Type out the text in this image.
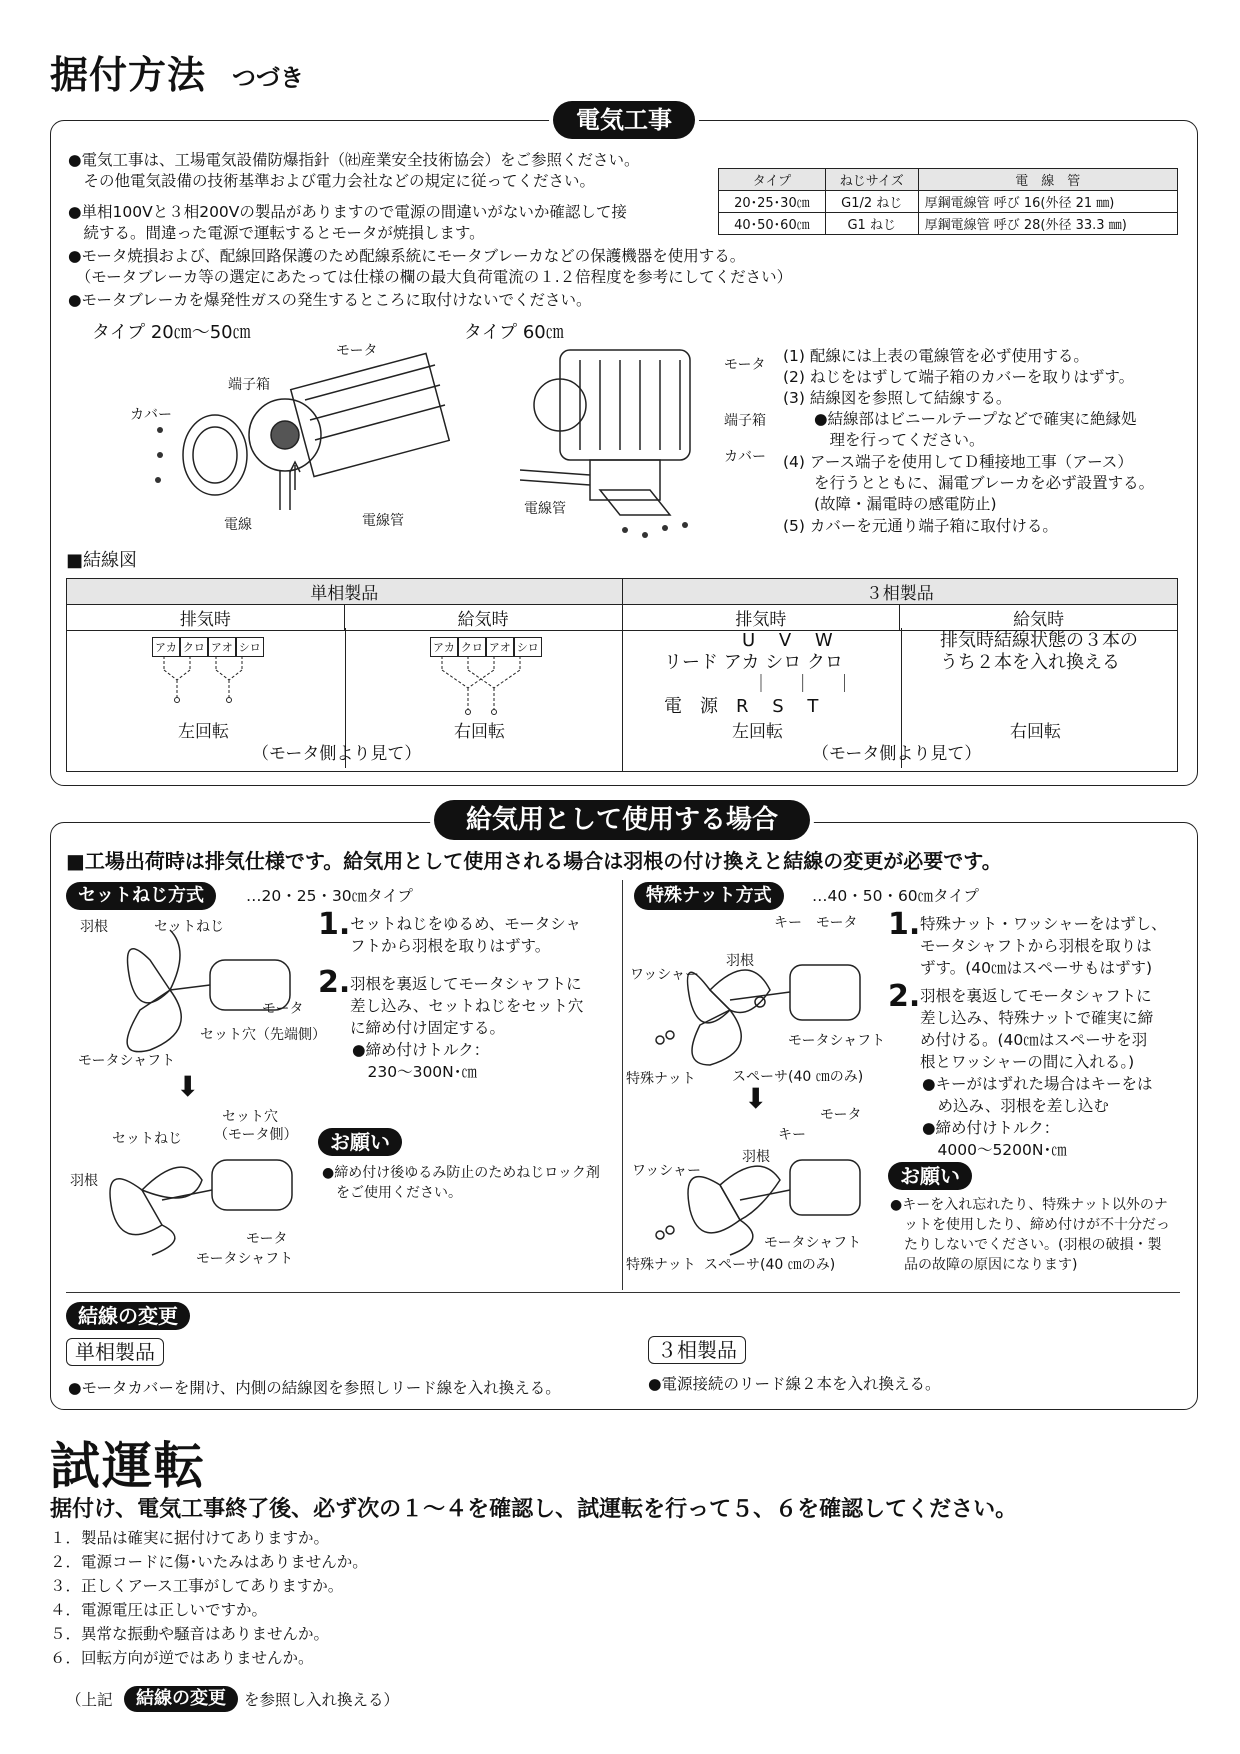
据付方法 つづき
電気工事
●電気工事は、工場電気設備防爆指針（㈳産業安全技術協会）をご参照ください。
　その他電気設備の技術基準および電力会社などの規定に従ってください。
●単相100Vと３相200Vの製品がありますので電源の間違いがないか確認して接
　続する。間違った電源で運転するとモータが焼損します。
●モータ焼損および、配線回路保護のため配線系統にモータブレーカなどの保護機器を使用する。
　（モータブレーカ等の選定にあたっては仕様の欄の最大負荷電流の１.２倍程度を参考にしてください）
●モータブレーカを爆発性ガスの発生するところに取付けないでください。
タイプ	ねじサイズ	電　線　管
20･25･30㎝	G1/2 ねじ	厚鋼電線管 呼び 16(外径 21 ㎜)
40･50･60㎝	G1 ねじ	厚鋼電線管 呼び 28(外径 33.3 ㎜)
タイプ 20㎝〜50㎝
モータ
端子箱
カバー
電線	電線管
タイプ 60㎝
モータ
端子箱
カバー
電線管
(1) 配線には上表の電線管を必ず使用する。
(2) ねじをはずして端子箱のカバーを取りはずす。
(3) 結線図を参照して結線する。
　　●結線部はビニールテープなどで確実に絶縁処
　　　理を行ってください。
(4) アース端子を使用してＤ種接地工事（アース）
　　を行うとともに、漏電ブレーカを必ず設置する。
　　(故障・漏電時の感電防止)
(5) カバーを元通り端子箱に取付ける。
■結線図
単相製品		３相製品	
排気時	給気時	排気時	給気時

アカ クロ アオ シロ	アカ クロ アオ シロ
左回転	右回転
（モータ側より見て）
U　 V　 W
リード アカ シロ クロ
｜　 ｜　 ｜
電　源　R　 S　 T
排気時結線状態の３本の
うち２本を入れ換える
左回転	右回転
（モータ側より見て）
給気用として使用する場合
■工場出荷時は排気仕様です。給気用として使用される場合は羽根の付け換えと結線の変更が必要です。
セットねじ方式	…20・25・30㎝タイプ
羽根	セットねじ
モータ
セット穴（先端側）
モータシャフト
⬇
セットねじ
セット穴
（モータ側）
羽根
モータ
モータシャフト
1. セットねじをゆるめ、モータシャ
フトから羽根を取りはずす。
2. 羽根を裏返してモータシャフトに
差し込み、セットねじをセット穴
に締め付け固定する。
●締め付けトルク：
　230〜300N･㎝
お願い
●締め付け後ゆるみ防止のためねじロック剤
　をご使用ください。
特殊ナット方式	…40・50・60㎝タイプ
キー モータ
ワッシャー
羽根
モータシャフト
特殊ナット	スペーサ(40 ㎝のみ)
⬇	モータ
キー
羽根
ワッシャー
モータシャフト
特殊ナット スペーサ(40 ㎝のみ)
1. 特殊ナット・ワッシャーをはずし、
モータシャフトから羽根を取りは
ずす。(40㎝はスペーサもはずす)
2. 羽根を裏返してモータシャフトに
差し込み、特殊ナットで確実に締
め付ける。(40㎝はスペーサを羽
根とワッシャーの間に入れる。)
●キーがはずれた場合はキーをは
　め込み、羽根を差し込む
●締め付けトルク：
　4000〜5200N･㎝
お願い
●キーを入れ忘れたり、特殊ナット以外のナ
　ットを使用したり、締め付けが不十分だっ
　たりしないでください。(羽根の破損・製
　品の故障の原因になります)
結線の変更
単相製品
●モータカバーを開け、内側の結線図を参照しリード線を入れ換える。
３相製品
●電源接続のリード線２本を入れ換える。
試運転
据付け、電気工事終了後、必ず次の１〜４を確認し、試運転を行って５、６を確認してください。
１．製品は確実に据付けてありますか。
２．電源コードに傷･いたみはありませんか。
３．正しくアース工事がしてありますか。
４．電源電圧は正しいですか。
５．異常な振動や騒音はありませんか。
６．回転方向が逆ではありませんか。
（上記	結線の変更	を参照し入れ換える）
